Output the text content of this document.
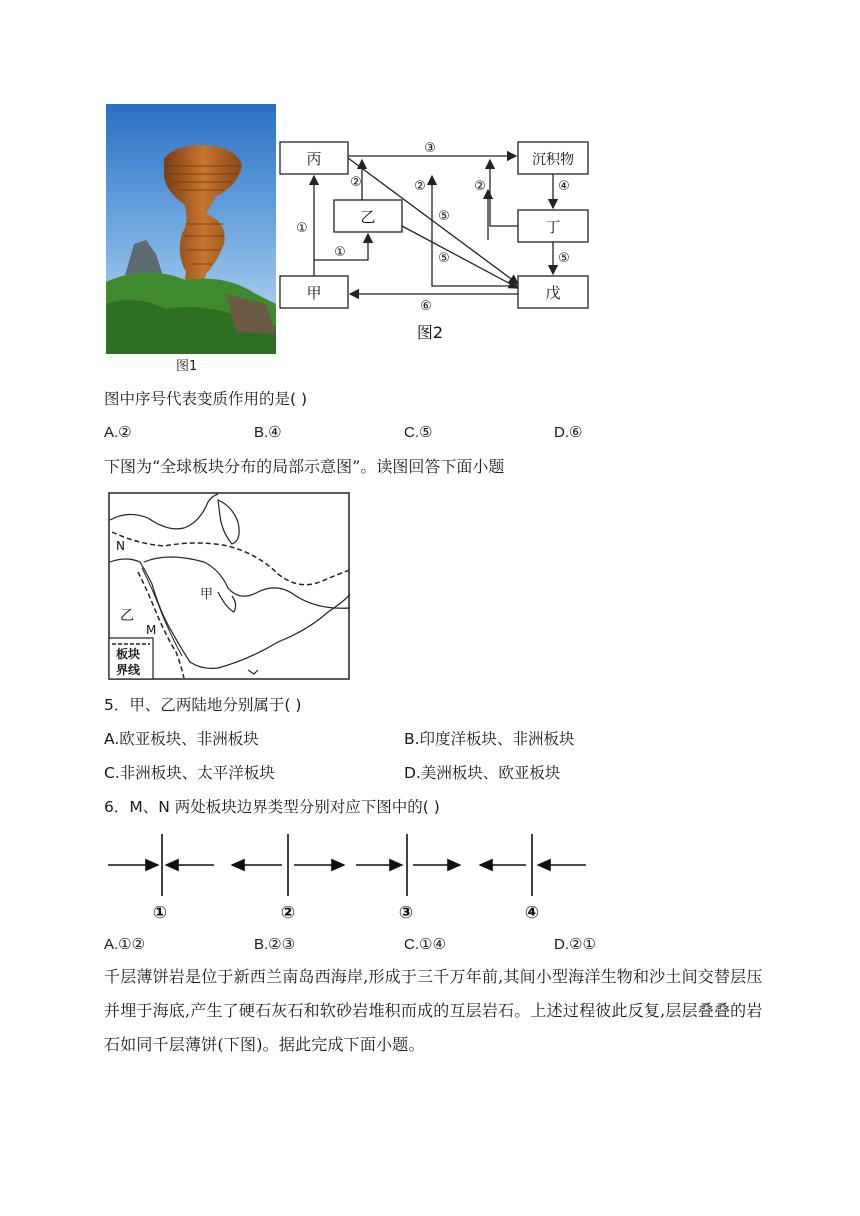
图1
丙
乙
甲
沉积物
丁
戊
①
①
③
②	②	②	④
⑤
⑤	⑤
⑥
图2
图中序号代表变质作用的是( )
A.②	B.④	C.⑤	D.⑥
下图为“全球板块分布的局部示意图”。读图回答下面小题
N
M
甲
乙
板块
界线
5．甲、乙两陆地分别属于( )
A.欧亚板块、非洲板块	B.印度洋板块、非洲板块
C.非洲板块、太平洋板块	D.美洲板块、欧亚板块
6．M、N 两处板块边界类型分别对应下图中的( )
①	②	③	④
A.①②	B.②③	C.①④	D.②①
千层薄饼岩是位于新西兰南岛西海岸,形成于三千万年前,其间小型海洋生物和沙土间交替层压并埋于海底,产生了硬石灰石和软砂岩堆积而成的互层岩石。上述过程彼此反复,层层叠叠的岩石如同千层薄饼(下图)。据此完成下面小题。
